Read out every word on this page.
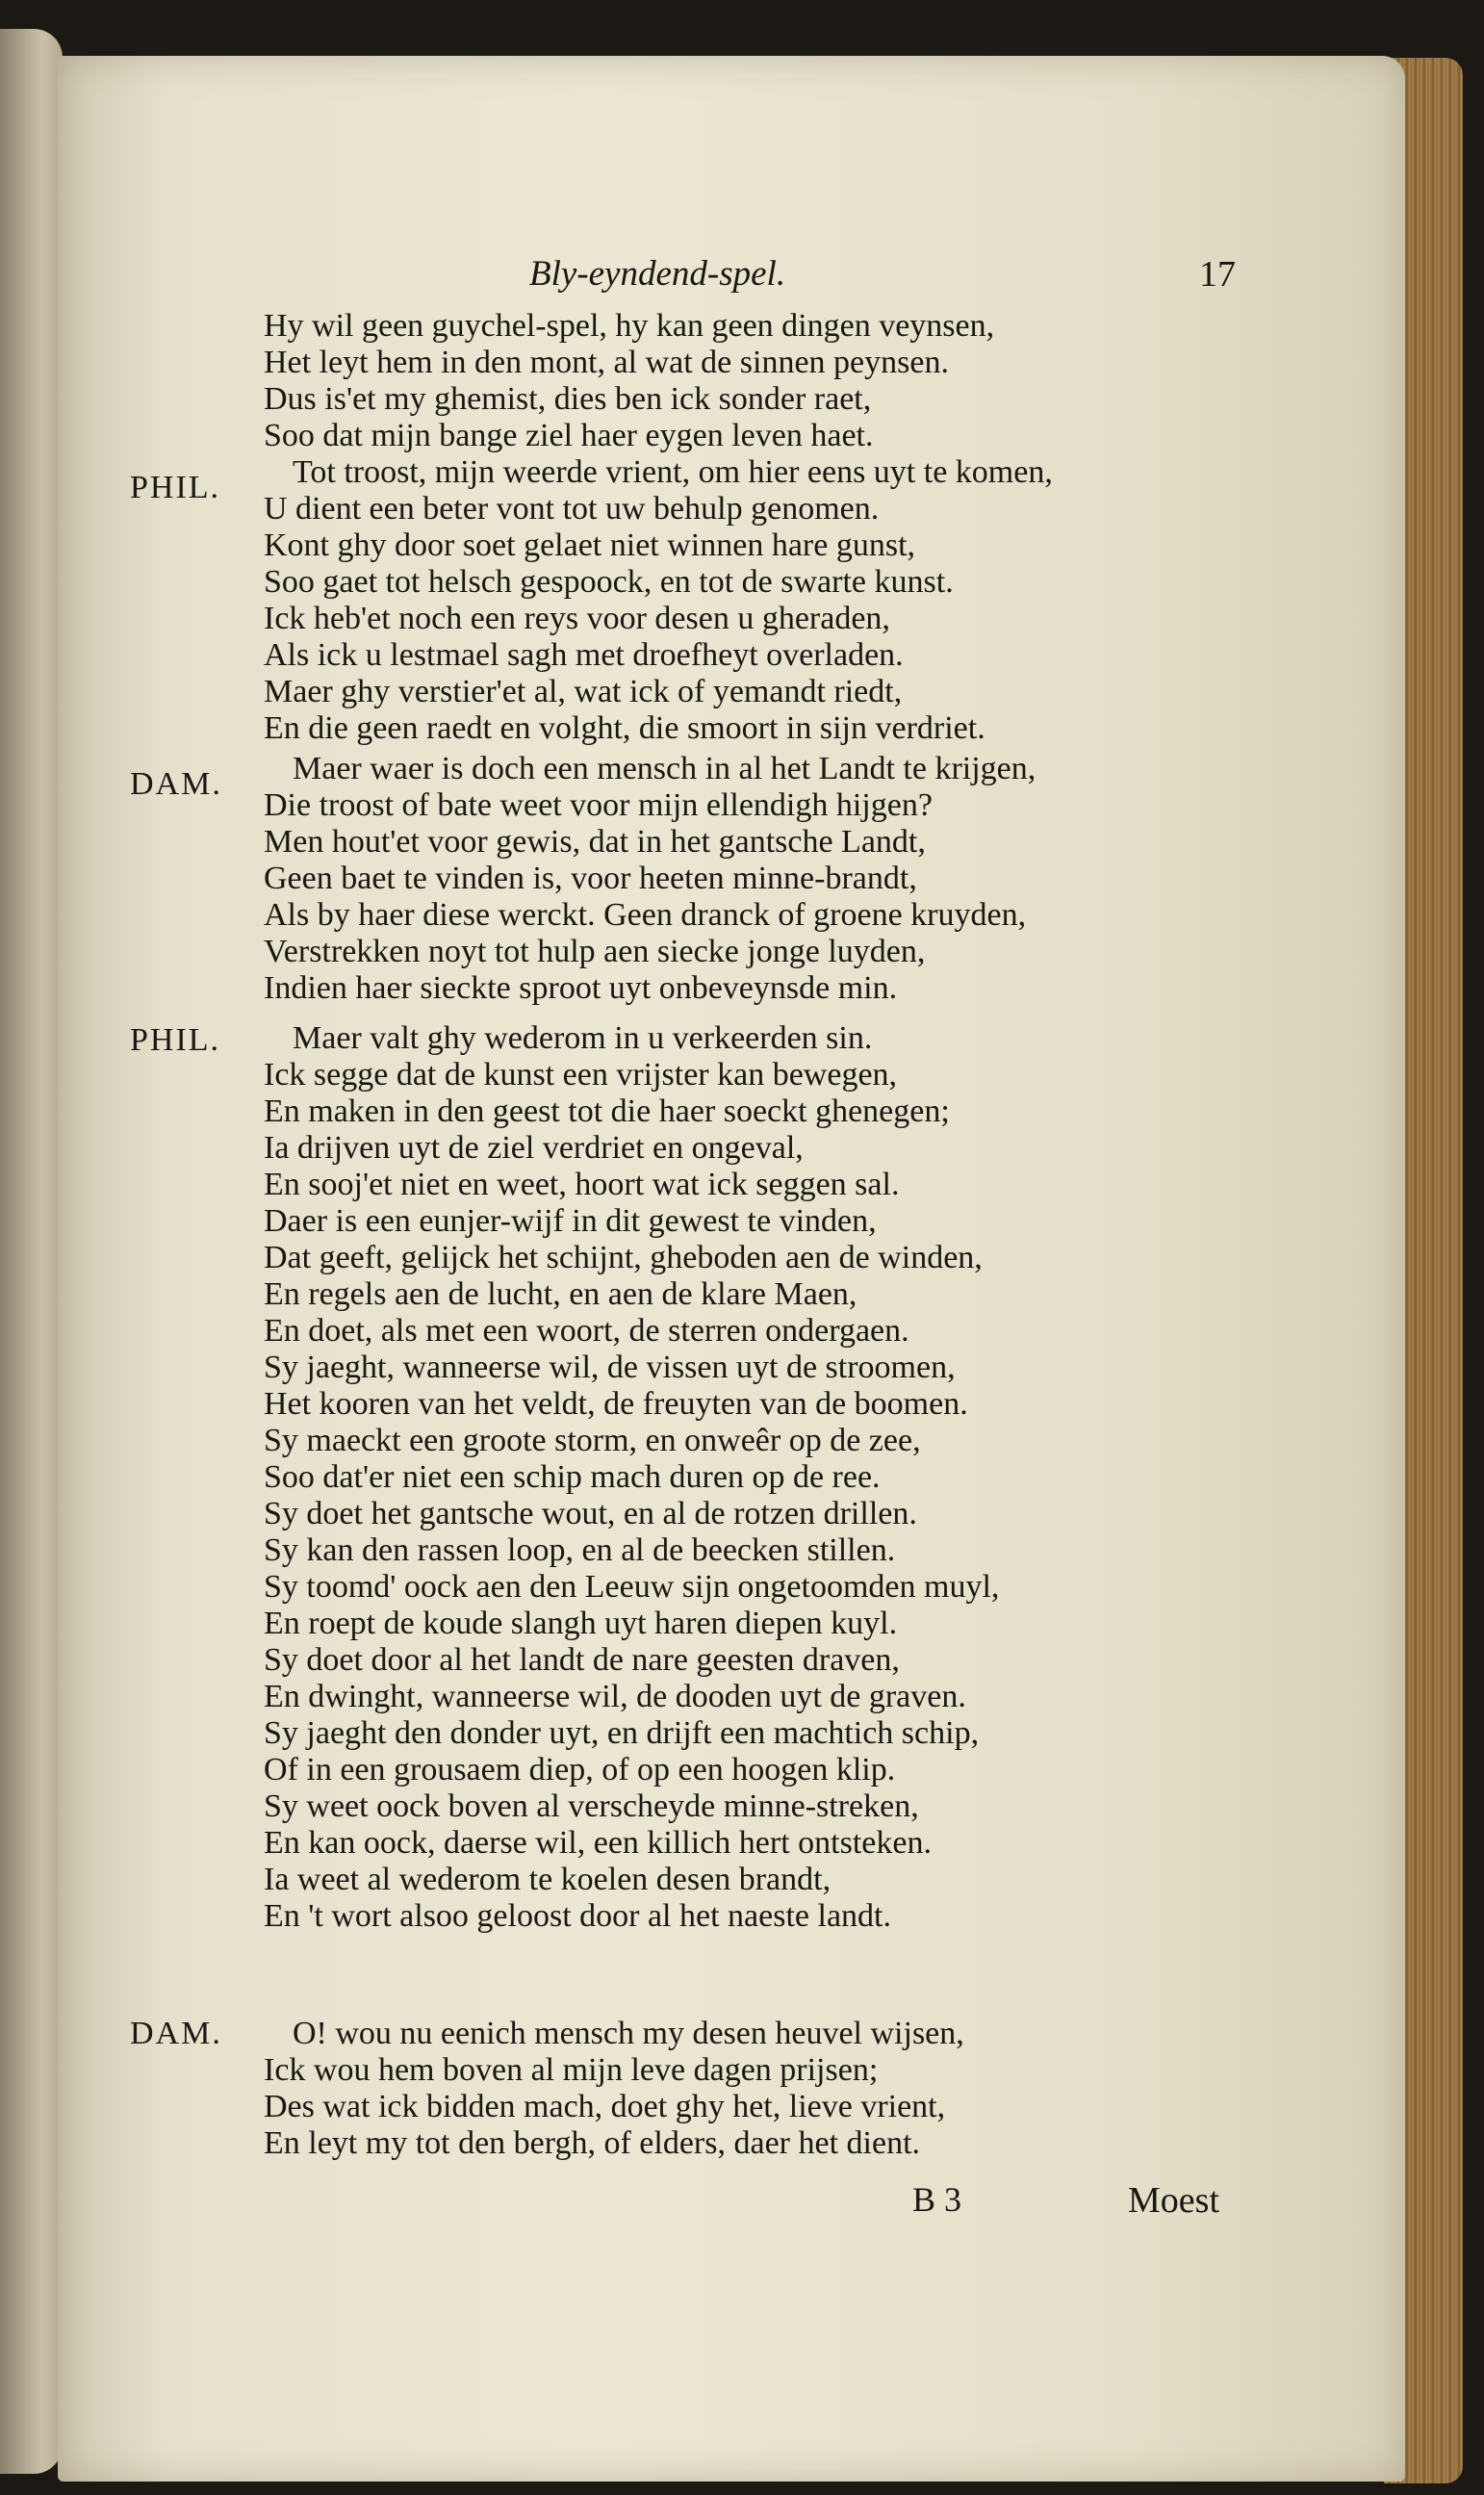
Bly-eyndend-spel.	17
PHIL.
DAM.
PHIL.
DAM.
Hy wil geen guychel-spel, hy kan geen dingen veynsen,
Het leyt hem in den mont, al wat de sinnen peynsen.
Dus is'et my ghemist, dies ben ick sonder raet,
Soo dat mijn bange ziel haer eygen leven haet.
Tot troost, mijn weerde vrient, om hier eens uyt te komen,
U dient een beter vont tot uw behulp genomen.
Kont ghy door soet gelaet niet winnen hare gunst,
Soo gaet tot helsch gespoock, en tot de swarte kunst.
Ick heb'et noch een reys voor desen u gheraden,
Als ick u lestmael sagh met droefheyt overladen.
Maer ghy verstier'et al, wat ick of yemandt riedt,
En die geen raedt en volght, die smoort in sijn verdriet.
Maer waer is doch een mensch in al het Landt te krijgen,
Die troost of bate weet voor mijn ellendigh hijgen?
Men hout'et voor gewis, dat in het gantsche Landt,
Geen baet te vinden is, voor heeten minne-brandt,
Als by haer diese werckt. Geen dranck of groene kruyden,
Verstrekken noyt tot hulp aen siecke jonge luyden,
Indien haer sieckte sproot uyt onbeveynsde min.
Maer valt ghy wederom in u verkeerden sin.
Ick segge dat de kunst een vrijster kan bewegen,
En maken in den geest tot die haer soeckt ghenegen;
Ia drijven uyt de ziel verdriet en ongeval,
En sooj'et niet en weet, hoort wat ick seggen sal.
Daer is een eunjer-wijf in dit gewest te vinden,
Dat geeft, gelijck het schijnt, gheboden aen de winden,
En regels aen de lucht, en aen de klare Maen,
En doet, als met een woort, de sterren ondergaen.
Sy jaeght, wanneerse wil, de vissen uyt de stroomen,
Het kooren van het veldt, de freuyten van de boomen.
Sy maeckt een groote storm, en onweêr op de zee,
Soo dat'er niet een schip mach duren op de ree.
Sy doet het gantsche wout, en al de rotzen drillen.
Sy kan den rassen loop, en al de beecken stillen.
Sy toomd' oock aen den Leeuw sijn ongetoomden muyl,
En roept de koude slangh uyt haren diepen kuyl.
Sy doet door al het landt de nare geesten draven,
En dwinght, wanneerse wil, de dooden uyt de graven.
Sy jaeght den donder uyt, en drijft een machtich schip,
Of in een grousaem diep, of op een hoogen klip.
Sy weet oock boven al verscheyde minne-streken,
En kan oock, daerse wil, een killich hert ontsteken.
Ia weet al wederom te koelen desen brandt,
En 't wort alsoo geloost door al het naeste landt.
O! wou nu eenich mensch my desen heuvel wijsen,
Ick wou hem boven al mijn leve dagen prijsen;
Des wat ick bidden mach, doet ghy het, lieve vrient,
En leyt my tot den bergh, of elders, daer het dient.
B 3	Moest
